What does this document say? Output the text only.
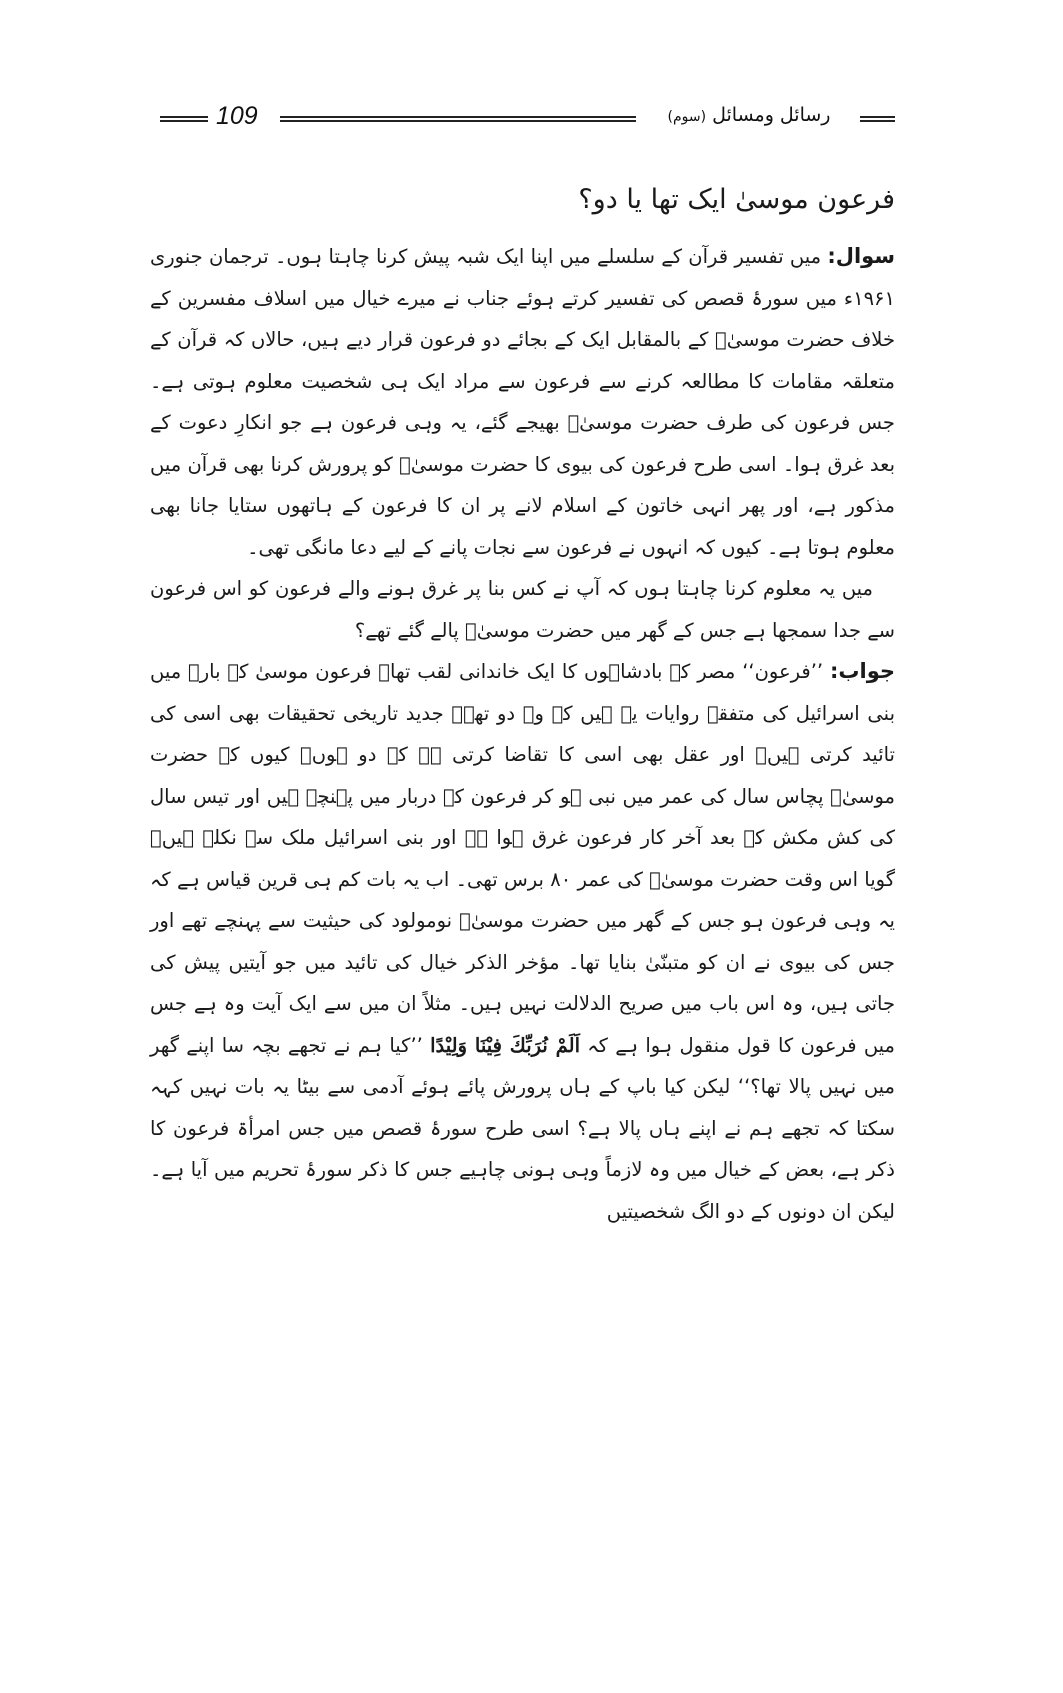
109	رسائل ومسائل (سوم)
فرعون موسیٰ ایک تھا یا دو؟

سوال: میں تفسیر قرآن کے سلسلے میں اپنا ایک شبہ پیش کرنا چاہتا ہوں۔ ترجمان جنوری ۱۹۶۱ء میں سورۂ قصص کی تفسیر کرتے ہوئے جناب نے میرے خیال میں اسلاف مفسرین کے خلاف حضرت موسیٰؑ کے بالمقابل ایک کے بجائے دو فرعون قرار دیے ہیں، حالاں کہ قرآن کے متعلقہ مقامات کا مطالعہ کرنے سے فرعون سے مراد ایک ہی شخصیت معلوم ہوتی ہے۔ جس فرعون کی طرف حضرت موسیٰؑ بھیجے گئے، یہ وہی فرعون ہے جو انکارِ دعوت کے بعد غرق ہوا۔ اسی طرح فرعون کی بیوی کا حضرت موسیٰؑ کو پرورش کرنا بھی قرآن میں مذکور ہے، اور پھر انہی خاتون کے اسلام لانے پر ان کا فرعون کے ہاتھوں ستایا جانا بھی معلوم ہوتا ہے۔ کیوں کہ انہوں نے فرعون سے نجات پانے کے لیے دعا مانگی تھی۔

میں یہ معلوم کرنا چاہتا ہوں کہ آپ نے کس بنا پر غرق ہونے والے فرعون کو اس فرعون سے جدا سمجھا ہے جس کے گھر میں حضرت موسیٰؑ پالے گئے تھے؟

جواب: ’’فرعون‘‘ مصر کے بادشاہوں کا ایک خاندانی لقب تھا۔ فرعون موسیٰ کے بارے میں بنی اسرائیل کی متفقہ روایات یہ ہیں کہ وہ دو تھے۔ جدید تاریخی تحقیقات بھی اسی کی تائید کرتی ہیں۔ اور عقل بھی اسی کا تقاضا کرتی ہے کہ دو ہوں۔ کیوں کہ حضرت موسیٰؑ پچاس سال کی عمر میں نبی ہو کر فرعون کے دربار میں پہنچے ہیں اور تیس سال کی کش مکش کے بعد آخر کار فرعون غرق ہوا ہے اور بنی اسرائیل ملک سے نکلے ہیں۔ گویا اس وقت حضرت موسیٰؑ کی عمر ۸۰ برس تھی۔ اب یہ بات کم ہی قرین قیاس ہے کہ یہ وہی فرعون ہو جس کے گھر میں حضرت موسیٰؑ نومولود کی حیثیت سے پہنچے تھے اور جس کی بیوی نے ان کو متبنّیٰ بنایا تھا۔ مؤخر الذکر خیال کی تائید میں جو آیتیں پیش کی جاتی ہیں، وہ اس باب میں صریح الدلالت نہیں ہیں۔ مثلاً ان میں سے ایک آیت وہ ہے جس میں فرعون کا قول منقول ہوا ہے کہ اَلَمْ نُرَبِّكَ فِيْنَا وَلِيْدًا ’’کیا ہم نے تجھے بچہ سا اپنے گھر میں نہیں پالا تھا؟‘‘ لیکن کیا باپ کے ہاں پرورش پائے ہوئے آدمی سے بیٹا یہ بات نہیں کہہ سکتا کہ تجھے ہم نے اپنے ہاں پالا ہے؟ اسی طرح سورۂ قصص میں جس امرأۃ فرعون کا ذکر ہے، بعض کے خیال میں وہ لازماً وہی ہونی چاہیے جس کا ذکر سورۂ تحریم میں آیا ہے۔ لیکن ان دونوں کے دو الگ شخصیتیں
